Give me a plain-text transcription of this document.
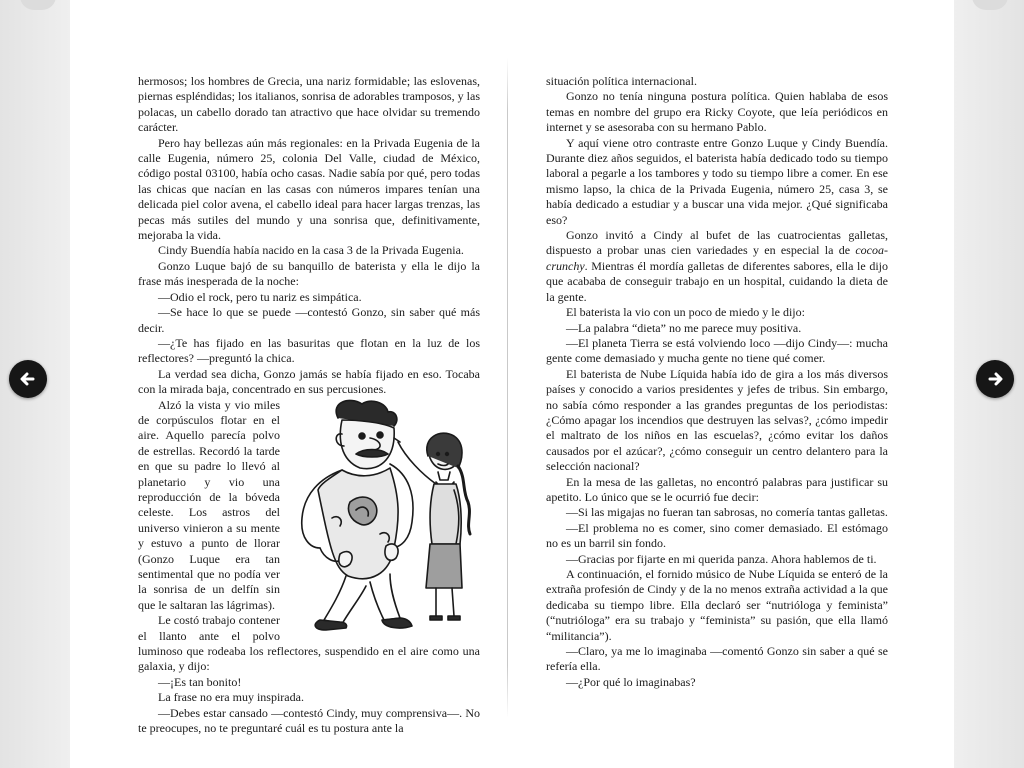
hermosos; los hombres de Grecia, una nariz formidable; las eslovenas, piernas espléndidas; los italianos, sonrisa de adorables tramposos, y las polacas, un cabello dorado tan atractivo que hace olvidar su tremendo carácter.

Pero hay bellezas aún más regionales: en la Privada Eugenia de la calle Eugenia, número 25, colonia Del Valle, ciudad de México, código postal 03100, había ocho casas. Nadie sabía por qué, pero todas las chicas que nacían en las casas con números impares tenían una delicada piel color avena, el cabello ideal para hacer largas trenzas, las pecas más sutiles del mundo y una sonrisa que, definitivamente, mejoraba la vida.

Cindy Buendía había nacido en la casa 3 de la Privada Eugenia.

Gonzo Luque bajó de su banquillo de baterista y ella le dijo la frase más inesperada de la noche:

—Odio el rock, pero tu nariz es simpática.

—Se hace lo que se puede —contestó Gonzo, sin saber qué más decir.

—¿Te has fijado en las basuritas que flotan en la luz de los reflectores? —preguntó la chica.

La verdad sea dicha, Gonzo jamás se había fijado en eso. Tocaba con la mirada baja, concentrado en sus percusiones.

Alzó la vista y vio miles de corpúsculos flotar en el aire. Aquello parecía polvo de estrellas. Recordó la tarde en que su padre lo llevó al planetario y vio una reproducción de la bóveda celeste. Los astros del universo vinieron a su mente y estuvo a punto de llorar (Gonzo Luque era tan sentimental que no podía ver la sonrisa de un delfín sin que le saltaran las lágrimas).

Le costó trabajo contener el llanto ante el polvo luminoso que rodeaba los reflectores, suspendido en el aire como una galaxia, y dijo:

—¡Es tan bonito!

La frase no era muy inspirada.

—Debes estar cansado —contestó Cindy, muy comprensiva—. No te preocupes, no te preguntaré cuál es tu postura ante la

situación política internacional.

Gonzo no tenía ninguna postura política. Quien hablaba de esos temas en nombre del grupo era Ricky Coyote, que leía periódicos en internet y se asesoraba con su hermano Pablo.

Y aquí viene otro contraste entre Gonzo Luque y Cindy Buendía. Durante diez años seguidos, el baterista había dedicado todo su tiempo laboral a pegarle a los tambores y todo su tiempo libre a comer. En ese mismo lapso, la chica de la Privada Eugenia, número 25, casa 3, se había dedicado a estudiar y a buscar una vida mejor. ¿Qué significaba eso?

Gonzo invitó a Cindy al bufet de las cuatrocientas galletas, dispuesto a probar unas cien variedades y en especial la de cocoa-crunchy. Mientras él mordía galletas de diferentes sabores, ella le dijo que acababa de conseguir trabajo en un hospital, cuidando la dieta de la gente.

El baterista la vio con un poco de miedo y le dijo:

—La palabra “dieta” no me parece muy positiva.

—El planeta Tierra se está volviendo loco —dijo Cindy—: mucha gente come demasiado y mucha gente no tiene qué comer.

El baterista de Nube Líquida había ido de gira a los más diversos países y conocido a varios presidentes y jefes de tribus. Sin embargo, no sabía cómo responder a las grandes preguntas de los periodistas: ¿Cómo apagar los incendios que destruyen las selvas?, ¿cómo impedir el maltrato de los niños en las escuelas?, ¿cómo evitar los daños causados por el azúcar?, ¿cómo conseguir un centro delantero para la selección nacional?

En la mesa de las galletas, no encontró palabras para justificar su apetito. Lo único que se le ocurrió fue decir:

—Si las migajas no fueran tan sabrosas, no comería tantas galletas.

—El problema no es comer, sino comer demasiado. El estómago no es un barril sin fondo.

—Gracias por fijarte en mi querida panza. Ahora hablemos de ti.

A continuación, el fornido músico de Nube Líquida se enteró de la extraña profesión de Cindy y de la no menos extraña actividad a la que dedicaba su tiempo libre. Ella declaró ser “nutrióloga y feminista” (“nutrióloga” era su trabajo y “feminista” su pasión, que ella llamó “militancia”).

—Claro, ya me lo imaginaba —comentó Gonzo sin saber a qué se refería ella.

—¿Por qué lo imaginabas?
